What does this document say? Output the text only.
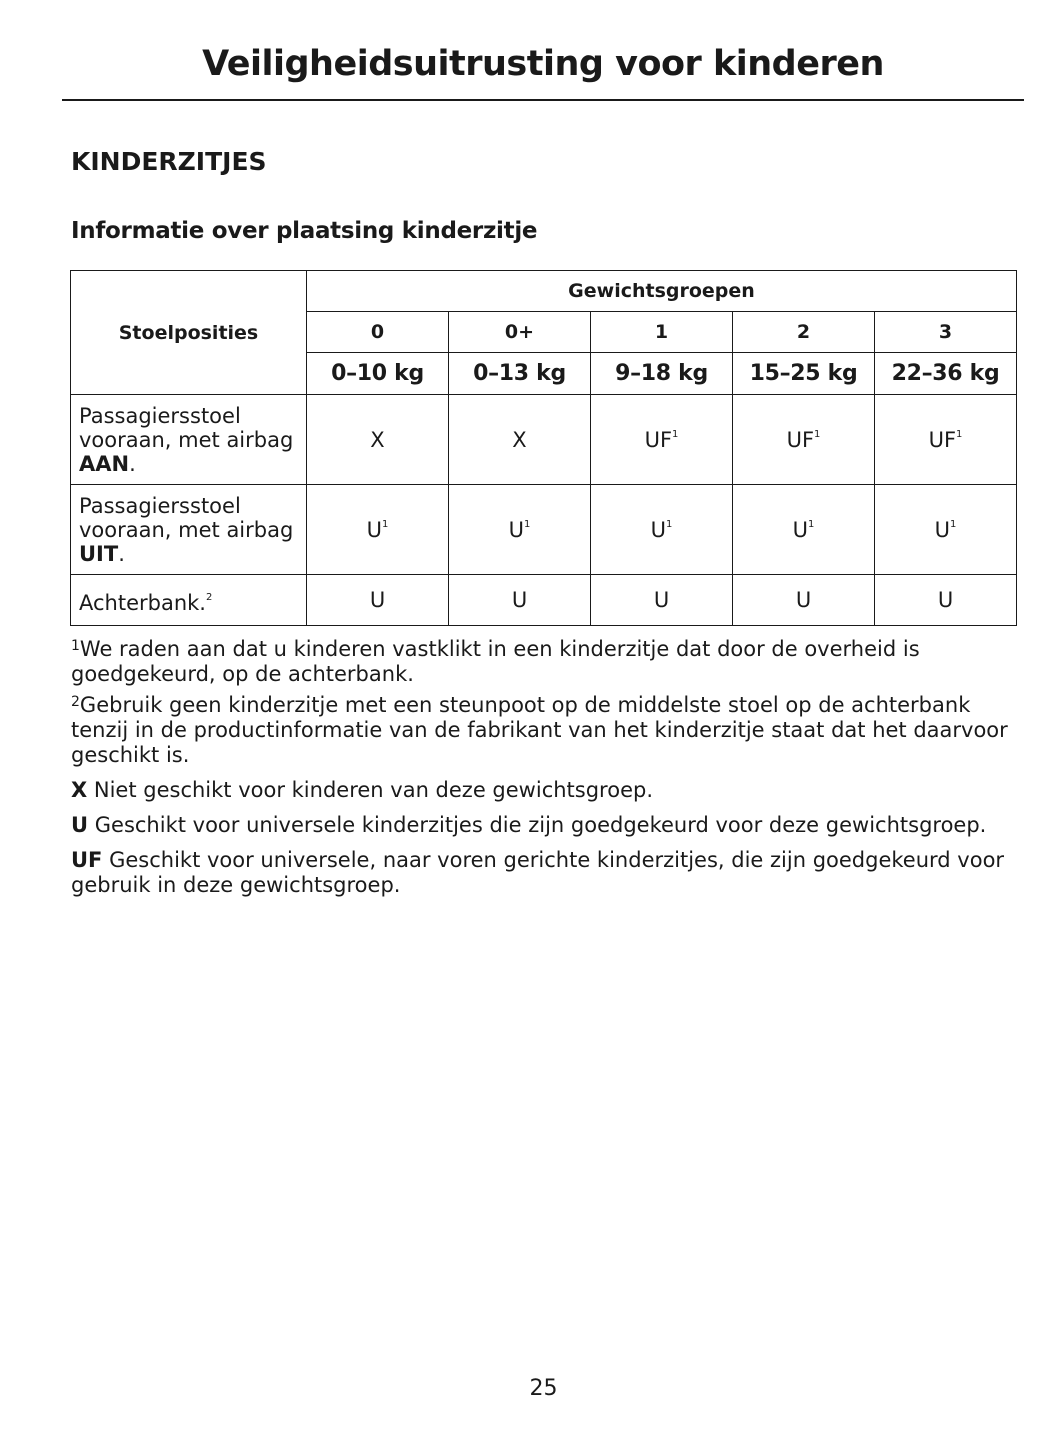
Veiligheidsuitrusting voor kinderen
KINDERZITJES
Informatie over plaatsing kinderzitje
Stoelposities	Gewichtsgroepen				
	0	0+	1	2	3
	0–10 kg	0–13 kg	9–18 kg	15–25 kg	22–36 kg
Passagiersstoel
vooraan, met airbag
AAN.	X	X	$UF^1$	$UF^1$	$UF^1$
Passagiersstoel
vooraan, met airbag
UIT.	$U^1$	$U^1$	$U^1$	$U^1$	$U^1$
Achterbank.$^2$	U	U	U	U	U

$^1$We raden aan dat u kinderen vastklikt in een kinderzitje dat door de overheid is goedgekeurd, op de achterbank.

$^2$Gebruik geen kinderzitje met een steunpoot op de middelste stoel op de achterbank tenzij in de productinformatie van de fabrikant van het kinderzitje staat dat het daarvoor geschikt is.

X Niet geschikt voor kinderen van deze gewichtsgroep.

U Geschikt voor universele kinderzitjes die zijn goedgekeurd voor deze gewichtsgroep.

UF Geschikt voor universele, naar voren gerichte kinderzitjes, die zijn goedgekeurd voor gebruik in deze gewichtsgroep.

25
